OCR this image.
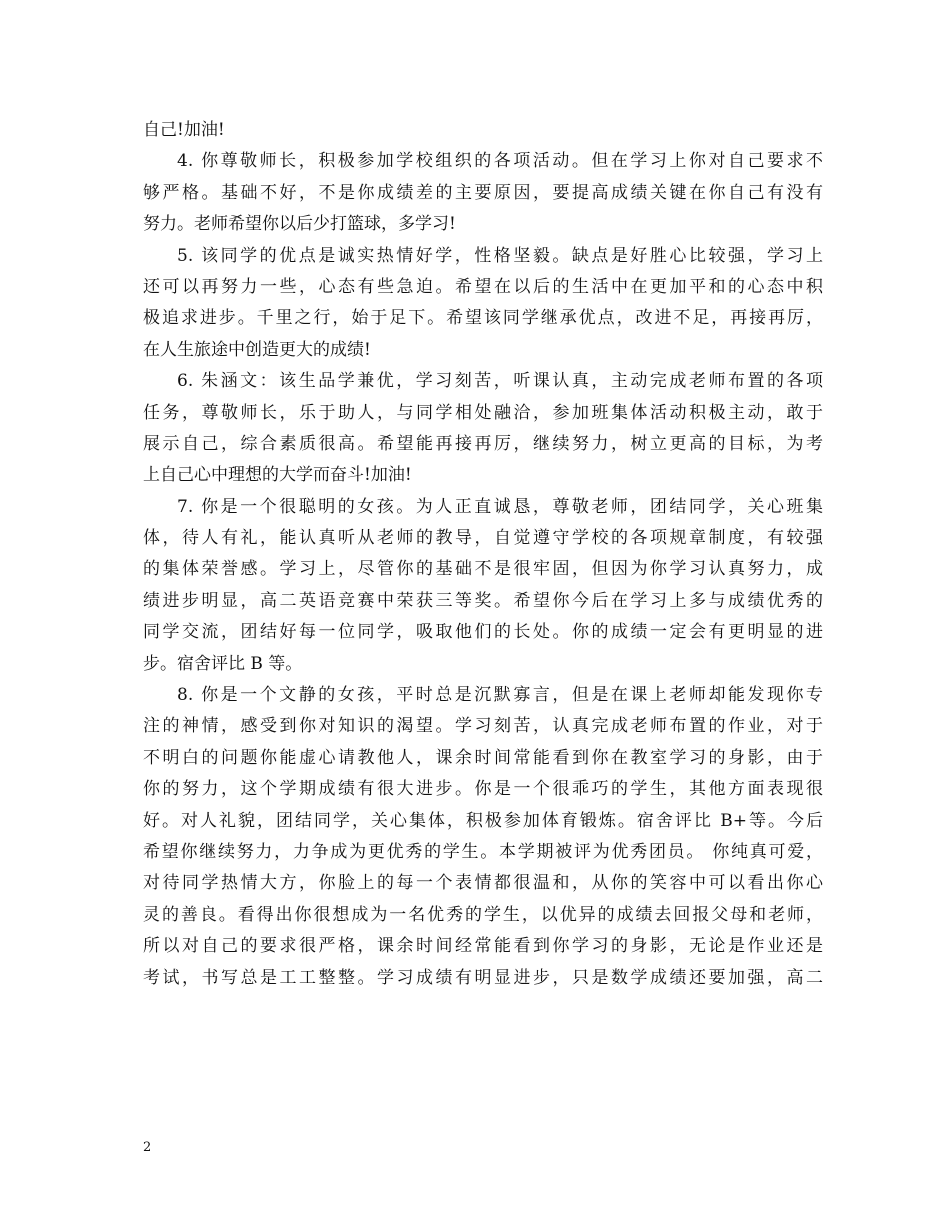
自己!加油!
4. 你尊敬师长，积极参加学校组织的各项活动。但在学习上你对自己要求不
够严格。基础不好，不是你成绩差的主要原因，要提高成绩关键在你自己有没有
努力。老师希望你以后少打篮球，多学习!
5. 该同学的优点是诚实热情好学，性格坚毅。缺点是好胜心比较强，学习上
还可以再努力一些，心态有些急迫。希望在以后的生活中在更加平和的心态中积
极追求进步。千里之行，始于足下。希望该同学继承优点，改进不足，再接再厉，
在人生旅途中创造更大的成绩!
6. 朱涵文：该生品学兼优，学习刻苦，听课认真，主动完成老师布置的各项
任务，尊敬师长，乐于助人，与同学相处融洽，参加班集体活动积极主动，敢于
展示自己，综合素质很高。希望能再接再厉，继续努力，树立更高的目标，为考
上自己心中理想的大学而奋斗!加油!
7. 你是一个很聪明的女孩。为人正直诚恳，尊敬老师，团结同学，关心班集
体，待人有礼，能认真听从老师的教导，自觉遵守学校的各项规章制度，有较强
的集体荣誉感。学习上，尽管你的基础不是很牢固，但因为你学习认真努力，成
绩进步明显，高二英语竞赛中荣获三等奖。希望你今后在学习上多与成绩优秀的
同学交流，团结好每一位同学，吸取他们的长处。你的成绩一定会有更明显的进
步。宿舍评比 B 等。
8. 你是一个文静的女孩，平时总是沉默寡言，但是在课上老师却能发现你专
注的神情，感受到你对知识的渴望。学习刻苦，认真完成老师布置的作业，对于
不明白的问题你能虚心请教他人，课余时间常能看到你在教室学习的身影，由于
你的努力，这个学期成绩有很大进步。你是一个很乖巧的学生，其他方面表现很
好。对人礼貌，团结同学，关心集体，积极参加体育锻炼。宿舍评比 B+等。今后
希望你继续努力，力争成为更优秀的学生。本学期被评为优秀团员。 你纯真可爱，
对待同学热情大方，你脸上的每一个表情都很温和，从你的笑容中可以看出你心
灵的善良。看得出你很想成为一名优秀的学生，以优异的成绩去回报父母和老师，
所以对自己的要求很严格，课余时间经常能看到你学习的身影，无论是作业还是
考试，书写总是工工整整。学习成绩有明显进步，只是数学成绩还要加强，高二
2
